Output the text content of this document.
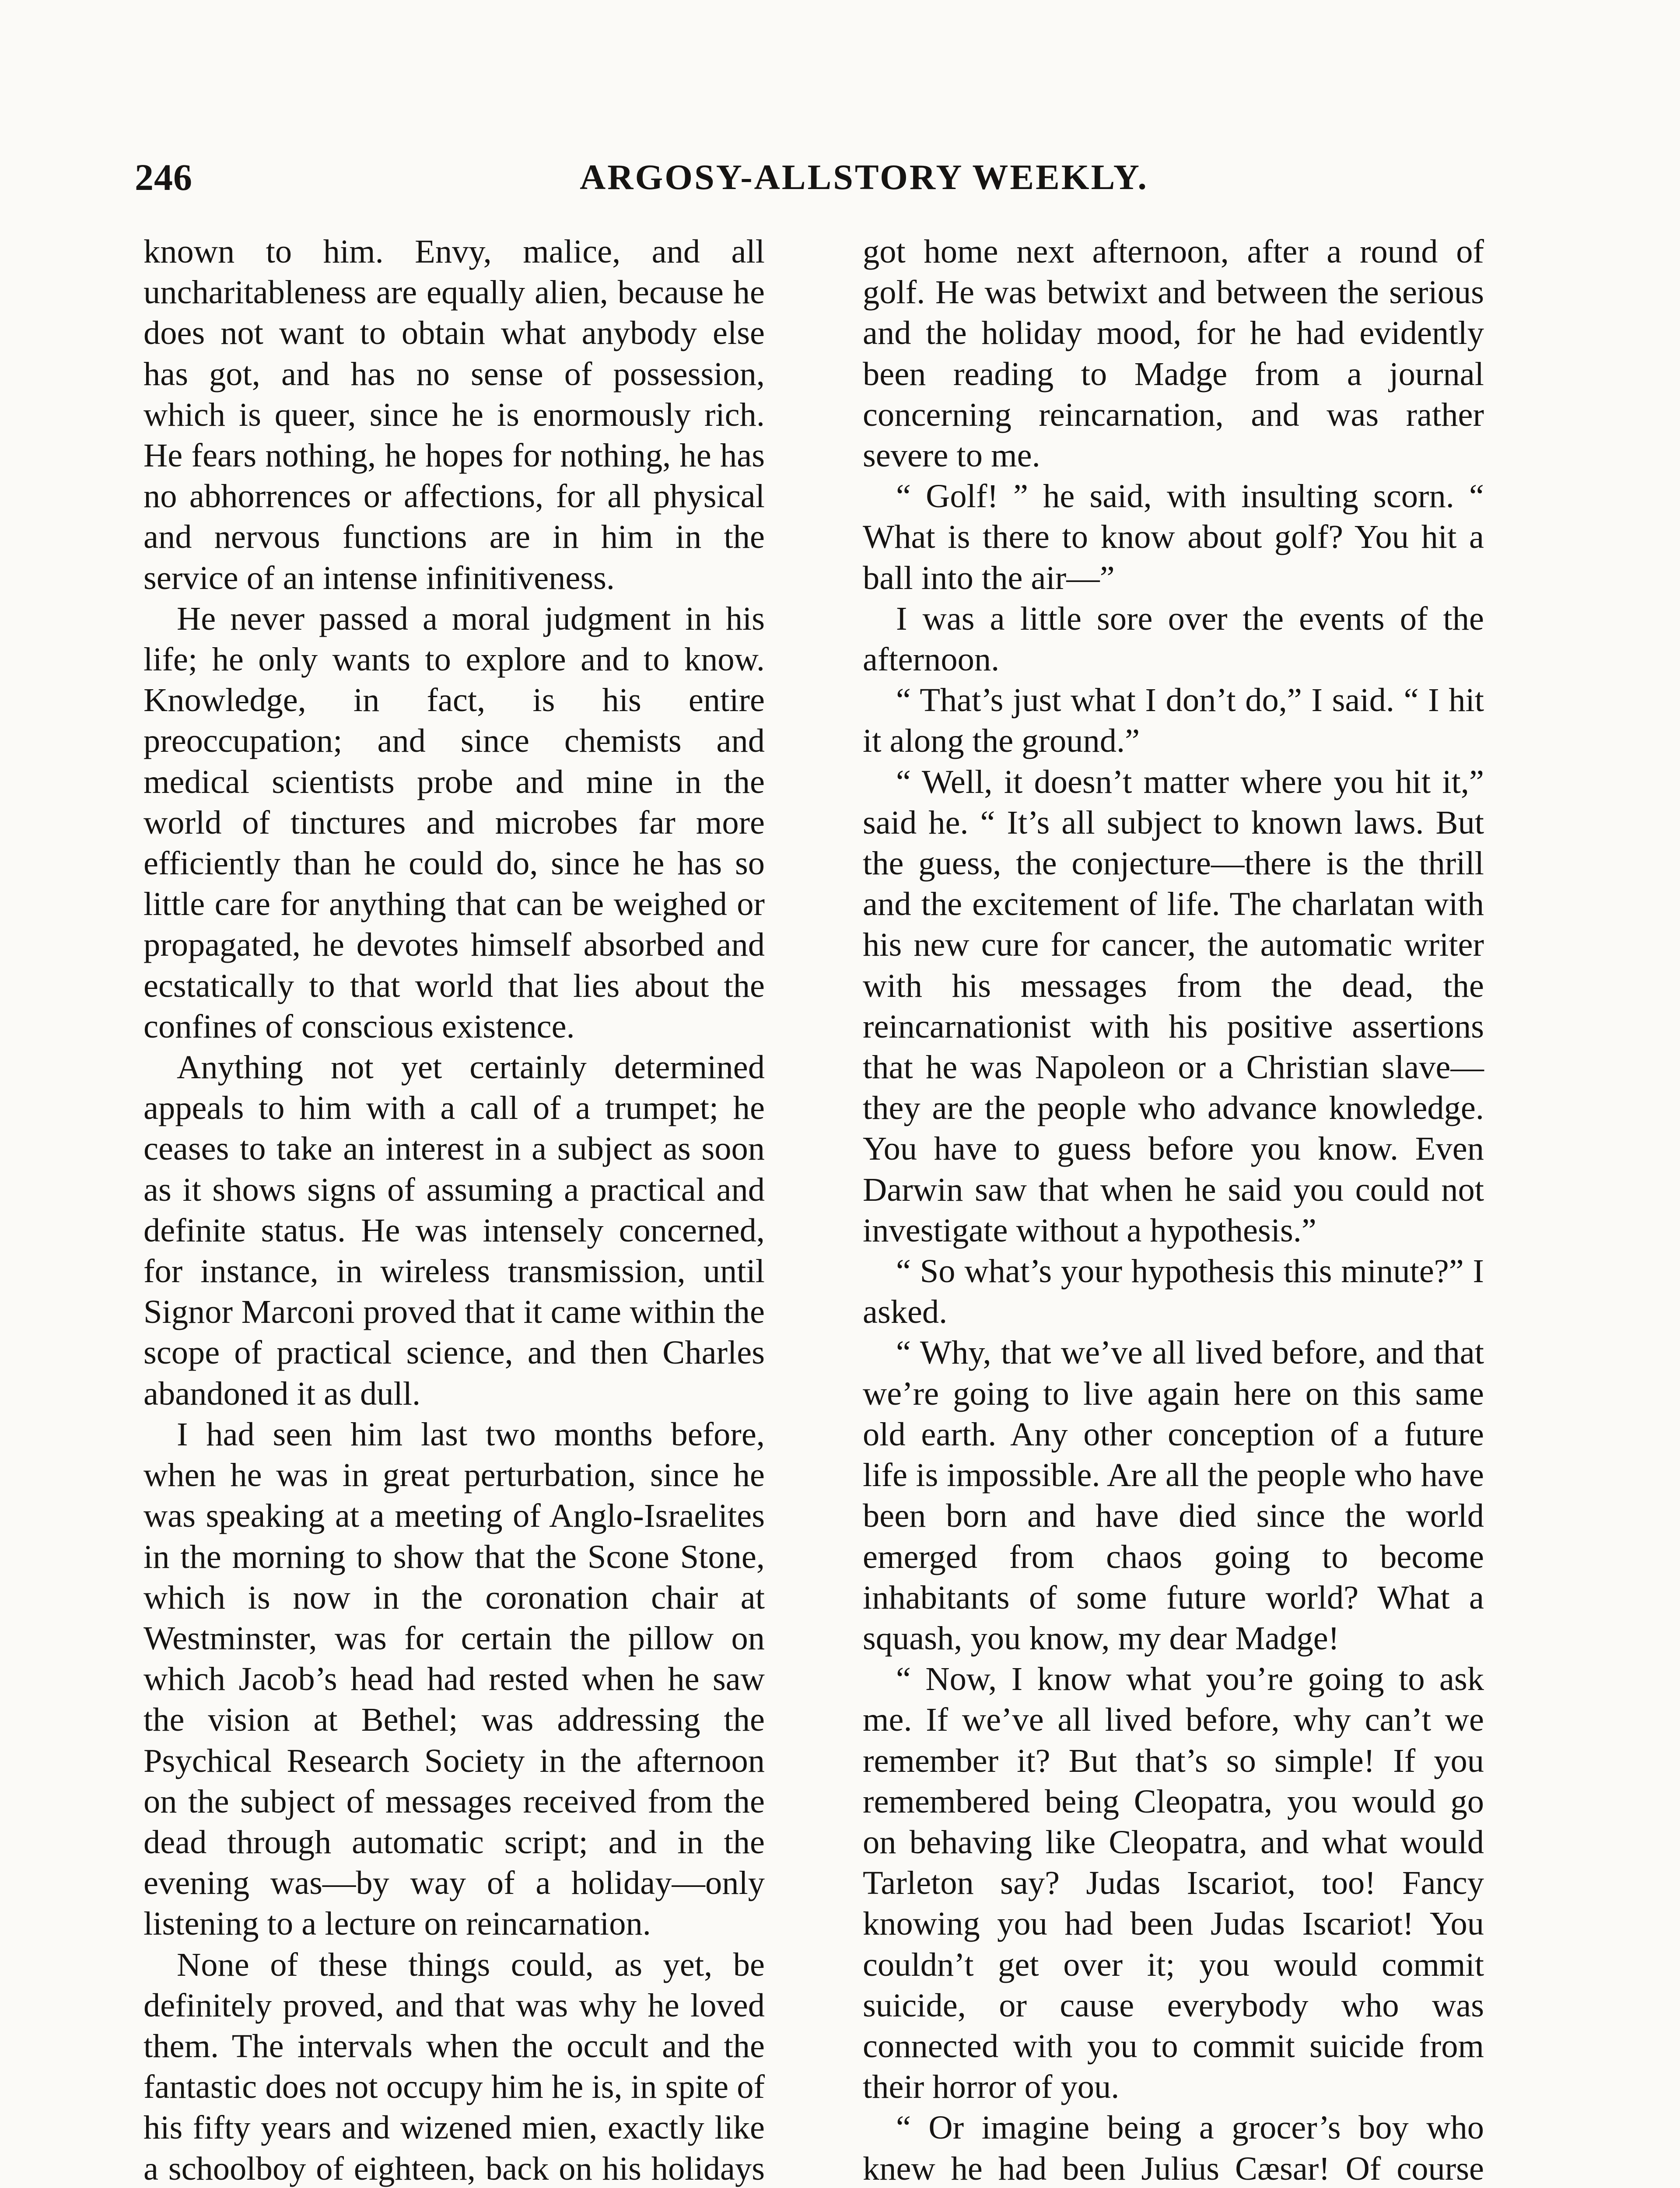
246	ARGOSY-ALLSTORY WEEKLY.

known to him. Envy, malice, and all uncharitableness are equally alien, because he does not want to obtain what anybody else has got, and has no sense of possession, which is queer, since he is enormously rich. He fears nothing, he hopes for nothing, he has no abhorrences or affections, for all physical and nervous functions are in him in the service of an intense infinitiveness.

He never passed a moral judgment in his life; he only wants to explore and to know. Knowledge, in fact, is his entire preoccupation; and since chemists and medical scientists probe and mine in the world of tinctures and microbes far more efficiently than he could do, since he has so little care for anything that can be weighed or propagated, he devotes himself absorbed and ecstatically to that world that lies about the confines of conscious existence.

Anything not yet certainly determined appeals to him with a call of a trumpet; he ceases to take an interest in a subject as soon as it shows signs of assuming a practical and definite status. He was intensely concerned, for instance, in wireless transmission, until Signor Marconi proved that it came within the scope of practical science, and then Charles abandoned it as dull.

I had seen him last two months before, when he was in great perturbation, since he was speaking at a meeting of Anglo-Israelites in the morning to show that the Scone Stone, which is now in the coronation chair at Westminster, was for certain the pillow on which Jacob’s head had rested when he saw the vision at Bethel; was addressing the Psychical Research Society in the afternoon on the subject of messages received from the dead through automatic script; and in the evening was—by way of a holiday—only listening to a lecture on reincarnation.

None of these things could, as yet, be definitely proved, and that was why he loved them. The intervals when the occult and the fantastic does not occupy him he is, in spite of his fifty years and wizened mien, exactly like a schoolboy of eighteen, back on his holidays

got home next afternoon, after a round of golf. He was betwixt and between the serious and the holiday mood, for he had evidently been reading to Madge from a journal concerning reincarnation, and was rather severe to me.

“ Golf! ” he said, with insulting scorn. “ What is there to know about golf? You hit a ball into the air—”

I was a little sore over the events of the afternoon.

“ That’s just what I don’t do,” I said. “ I hit it along the ground.”

“ Well, it doesn’t matter where you hit it,” said he. “ It’s all subject to known laws. But the guess, the conjecture—there is the thrill and the excitement of life. The charlatan with his new cure for cancer, the automatic writer with his messages from the dead, the reincarnationist with his positive assertions that he was Napoleon or a Christian slave—they are the people who advance knowledge. You have to guess before you know. Even Darwin saw that when he said you could not investigate without a hypothesis.”

“ So what’s your hypothesis this minute?” I asked.

“ Why, that we’ve all lived before, and that we’re going to live again here on this same old earth. Any other conception of a future life is impossible. Are all the people who have been born and have died since the world emerged from chaos going to become inhabitants of some future world? What a squash, you know, my dear Madge!

“ Now, I know what you’re going to ask me. If we’ve all lived before, why can’t we remember it? But that’s so simple! If you remembered being Cleopatra, you would go on behaving like Cleopatra, and what would Tarleton say? Judas Iscariot, too! Fancy knowing you had been Judas Iscariot! You couldn’t get over it; you would commit suicide, or cause everybody who was connected with you to commit suicide from their horror of you.

“ Or imagine being a grocer’s boy who knew he had been Julius Cæsar! Of course
